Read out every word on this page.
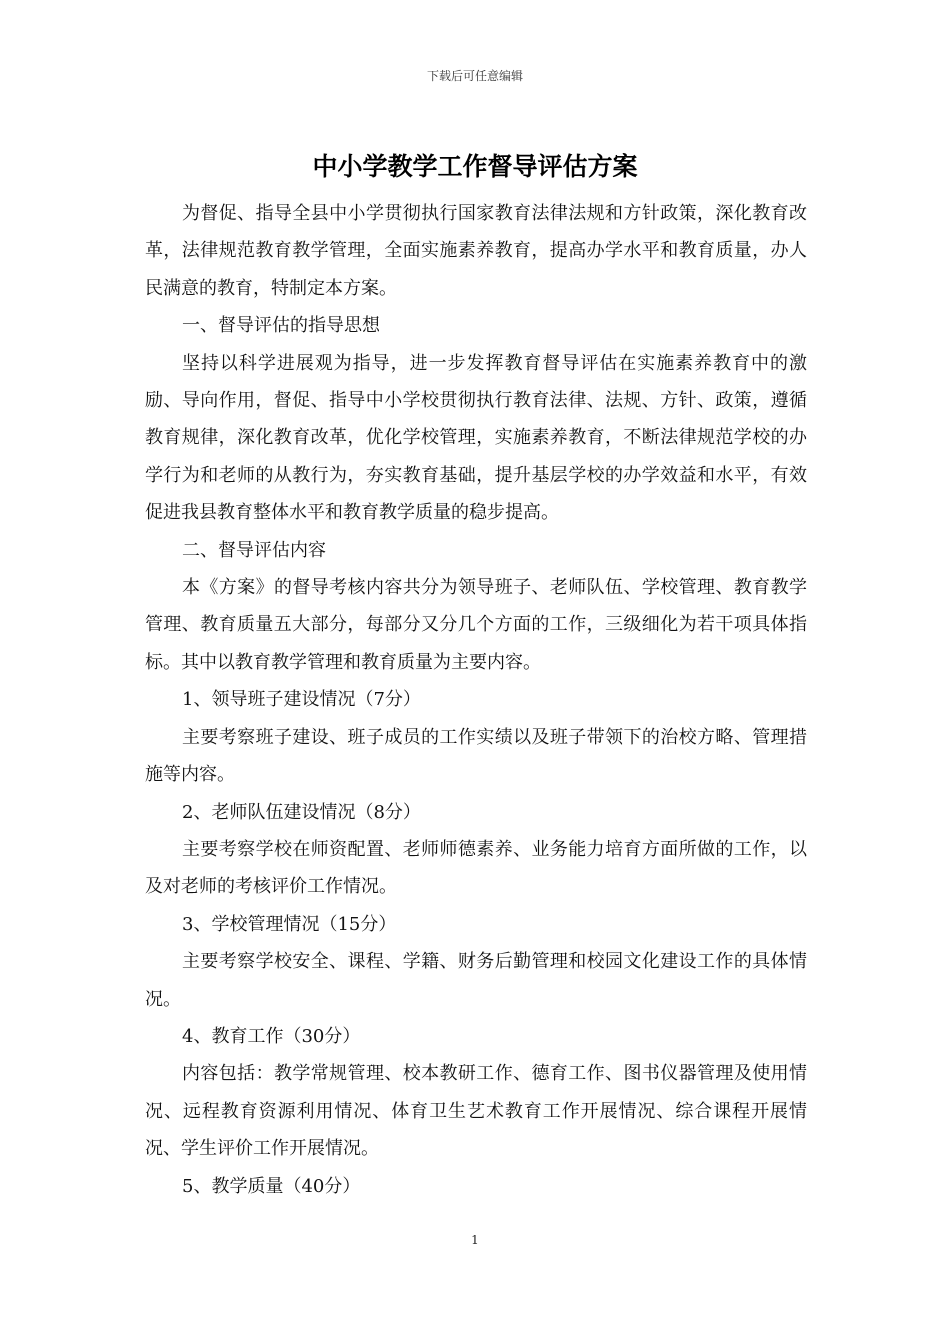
下载后可任意编辑
中小学教学工作督导评估方案

为督促、指导全县中小学贯彻执行国家教育法律法规和方针政策，深化教育改革，法律规范教育教学管理，全面实施素养教育，提高办学水平和教育质量，办人民满意的教育，特制定本方案。

一、督导评估的指导思想

坚持以科学进展观为指导，进一步发挥教育督导评估在实施素养教育中的激励、导向作用，督促、指导中小学校贯彻执行教育法律、法规、方针、政策，遵循教育规律，深化教育改革，优化学校管理，实施素养教育，不断法律规范学校的办学行为和老师的从教行为，夯实教育基础，提升基层学校的办学效益和水平，有效促进我县教育整体水平和教育教学质量的稳步提高。

二、督导评估内容

本《方案》的督导考核内容共分为领导班子、老师队伍、学校管理、教育教学管理、教育质量五大部分，每部分又分几个方面的工作，三级细化为若干项具体指标。其中以教育教学管理和教育质量为主要内容。

1、领导班子建设情况（7分）

主要考察班子建设、班子成员的工作实绩以及班子带领下的治校方略、管理措施等内容。

2、老师队伍建设情况（8分）

主要考察学校在师资配置、老师师德素养、业务能力培育方面所做的工作，以及对老师的考核评价工作情况。

3、学校管理情况（15分）

主要考察学校安全、课程、学籍、财务后勤管理和校园文化建设工作的具体情况。

4、教育工作（30分）

内容包括：教学常规管理、校本教研工作、德育工作、图书仪器管理及使用情况、远程教育资源利用情况、体育卫生艺术教育工作开展情况、综合课程开展情况、学生评价工作开展情况。

5、教学质量（40分）

1
